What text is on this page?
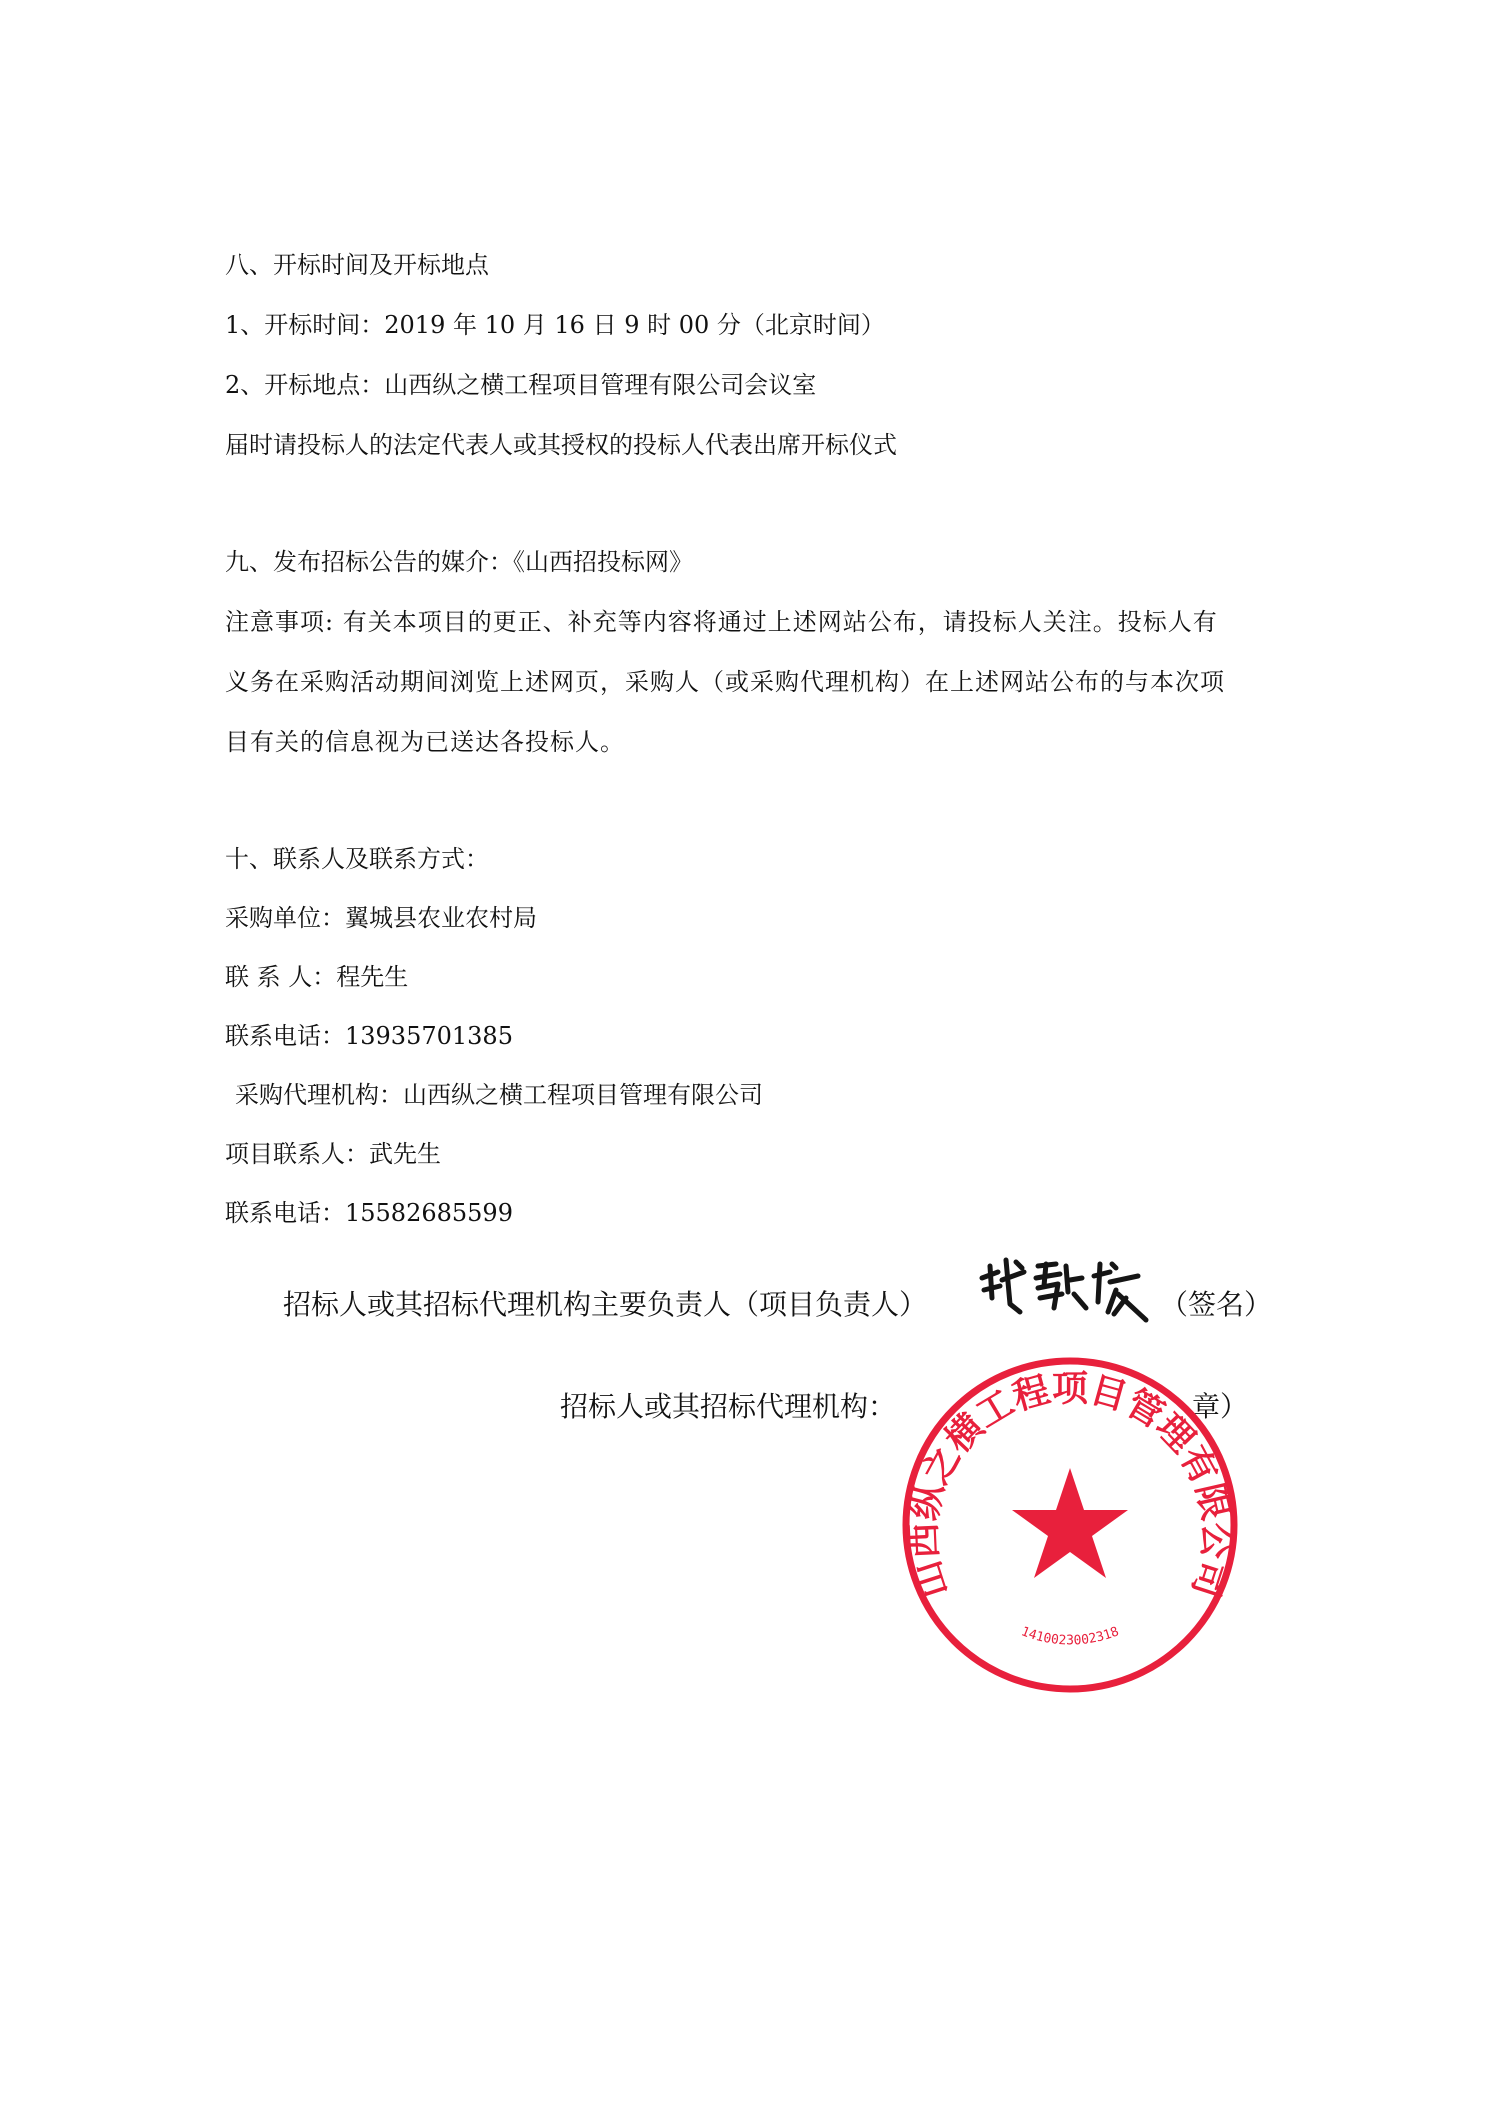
八、开标时间及开标地点
1、开标时间：2019 年 10 月 16 日 9 时 00 分（北京时间）
2、开标地点：山西纵之横工程项目管理有限公司会议室
届时请投标人的法定代表人或其授权的投标人代表出席开标仪式
九、发布招标公告的媒介：《山西招投标网》
注意事项: 有关本项目的更正、补充等内容将通过上述网站公布，请投标人关注。投标人有
义务在采购活动期间浏览上述网页，采购人（或采购代理机构）在上述网站公布的与本次项
目有关的信息视为已送达各投标人。
十、联系人及联系方式：
采购单位：翼城县农业农村局
联 系 人：程先生
联系电话：13935701385
采购代理机构：山西纵之横工程项目管理有限公司
项目联系人：武先生
联系电话：15582685599
招标人或其招标代理机构主要负责人（项目负责人）	（签名）
招标人或其招标代理机构：	章）
山西纵之横工程项目管理有限公司
1410023002318
